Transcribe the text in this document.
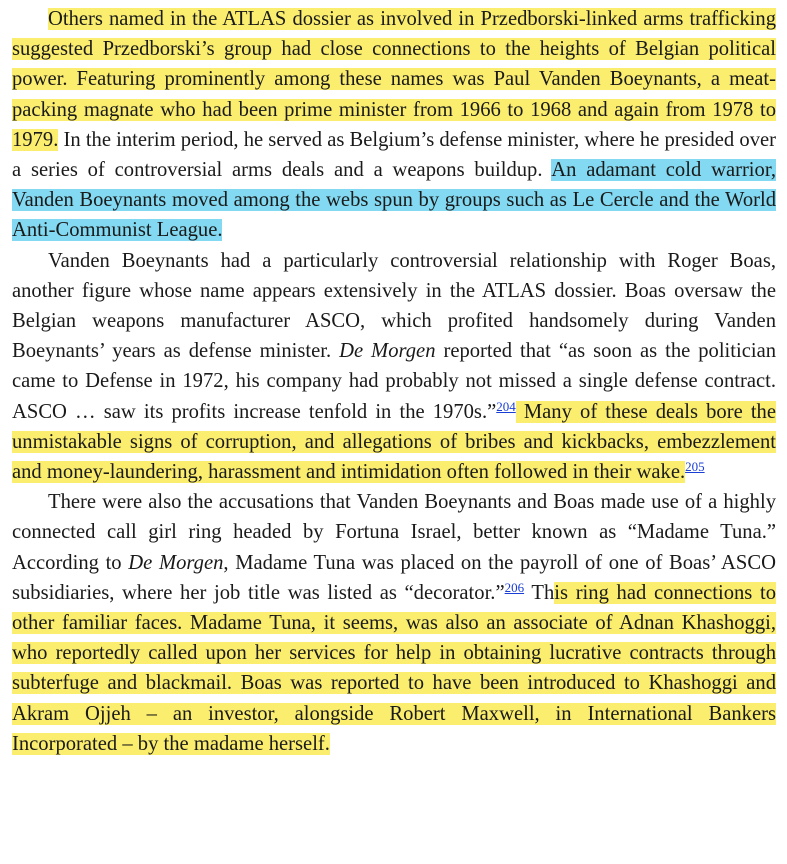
Others named in the ATLAS dossier as involved in Przedborski-linked arms trafficking suggested Przedborski’s group had close connections to the heights of Belgian political power. Featuring prominently among these names was Paul Vanden Boeynants, a meat-packing magnate who had been prime minister from 1966 to 1968 and again from 1978 to 1979. In the interim period, he served as Belgium’s defense minister, where he presided over a series of controversial arms deals and a weapons buildup. An adamant cold warrior, Vanden Boeynants moved among the webs spun by groups such as Le Cercle and the World Anti-Communist League.

Vanden Boeynants had a particularly controversial relationship with Roger Boas, another figure whose name appears extensively in the ATLAS dossier. Boas oversaw the Belgian weapons manufacturer ASCO, which profited handsomely during Vanden Boeynants’ years as defense minister. De Morgen reported that “as soon as the politician came to Defense in 1972, his company had probably not missed a single defense contract. ASCO … saw its profits increase tenfold in the 1970s.”$^{204}$ Many of these deals bore the unmistakable signs of corruption, and allegations of bribes and kickbacks, embezzlement and money-laundering, harassment and intimidation often followed in their wake.$^{205}$

There were also the accusations that Vanden Boeynants and Boas made use of a highly connected call girl ring headed by Fortuna Israel, better known as “Madame Tuna.” According to De Morgen, Madame Tuna was placed on the payroll of one of Boas’ ASCO subsidiaries, where her job title was listed as “decorator.”$^{206}$ This ring had connections to other familiar faces. Madame Tuna, it seems, was also an associate of Adnan Khashoggi, who reportedly called upon her services for help in obtaining lucrative contracts through subterfuge and blackmail. Boas was reported to have been introduced to Khashoggi and Akram Ojjeh – an investor, alongside Robert Maxwell, in International Bankers Incorporated – by the madame herself.
